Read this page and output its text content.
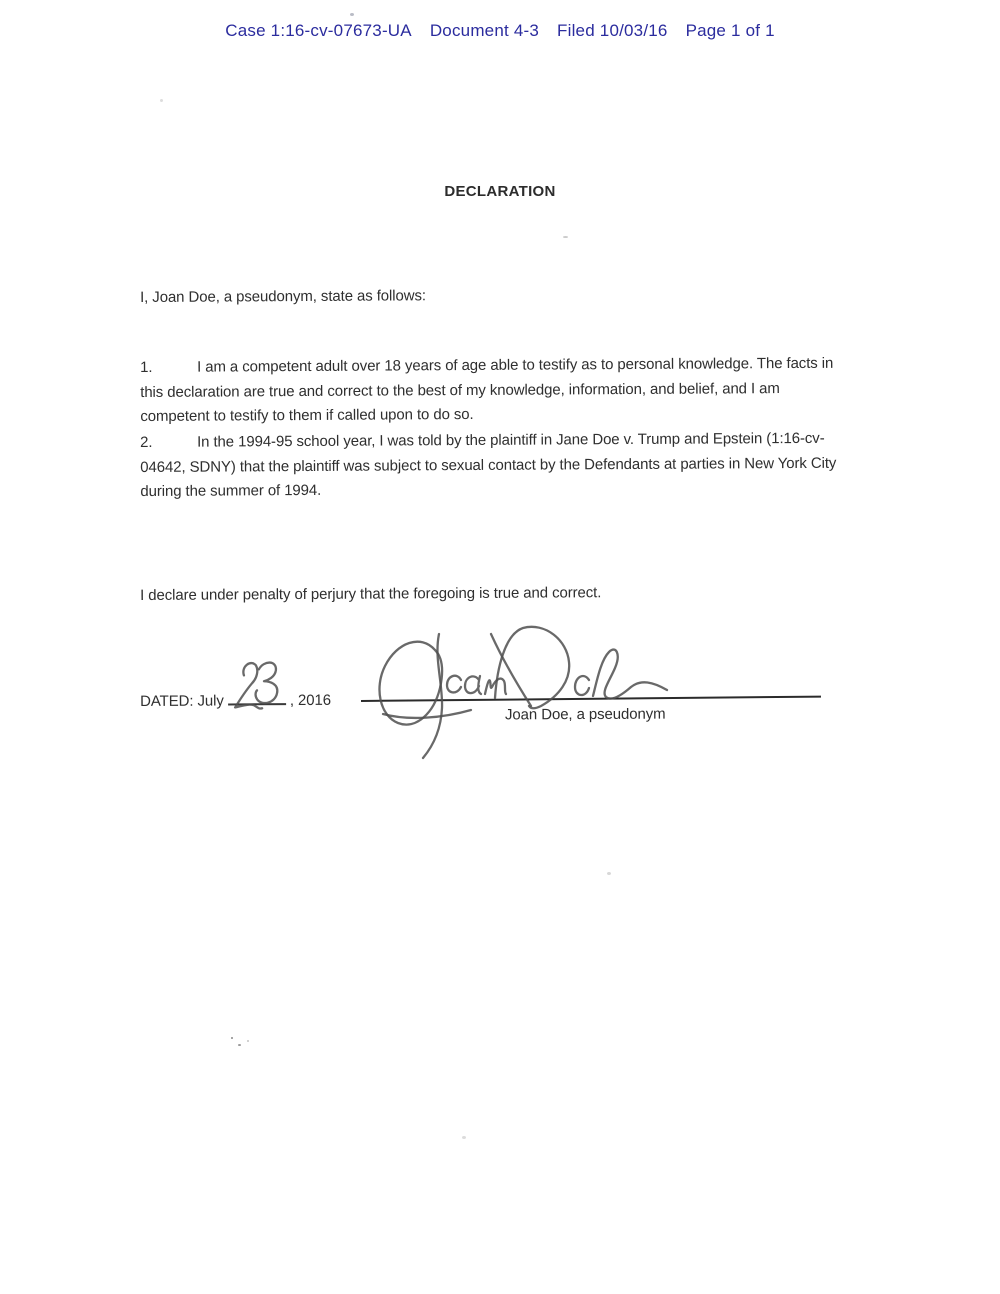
Case 1:16-cv-07673-UA Document 4-3 Filed 10/03/16 Page 1 of 1
DECLARATION
I, Joan Doe, a pseudonym, state as follows:
1.	I am a competent adult over 18 years of age able to testify as to personal knowledge. The facts in this declaration are true and correct to the best of my knowledge, information, and belief, and I am competent to testify to them if called upon to do so.
2.	In the 1994-95 school year, I was told by the plaintiff in Jane Doe v. Trump and Epstein (1:16-cv-04642, SDNY) that the plaintiff was subject to sexual contact by the Defendants at parties in New York City during the summer of 1994.
I declare under penalty of perjury that the foregoing is true and correct.
DATED: July	, 2016
Joan Doe, a pseudonym
